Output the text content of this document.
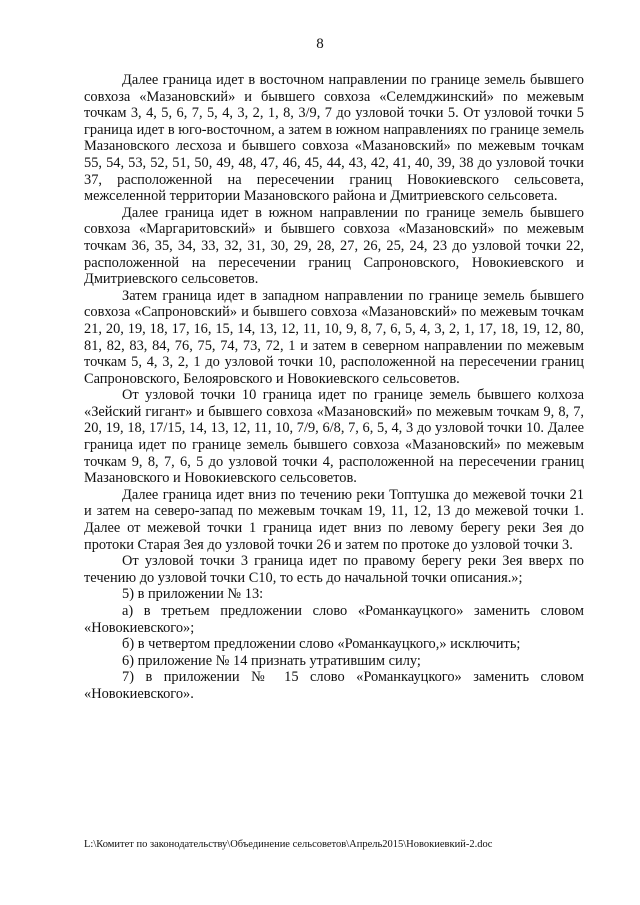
8

Далее граница идет в восточном направлении по границе земель бывшего совхоза «Мазановский» и бывшего совхоза «Селемджинский» по межевым точкам 3, 4, 5, 6, 7, 5, 4, 3, 2, 1, 8, 3/9, 7 до узловой точки 5. От узловой точки 5 граница идет в юго-восточном, а затем в южном направлениях по границе земель Мазановского лесхоза и бывшего совхоза «Мазановский» по межевым точкам 55, 54, 53, 52, 51, 50, 49, 48, 47, 46, 45, 44, 43, 42, 41, 40, 39, 38 до узловой точки 37, расположенной на пересечении границ Новокиевского сельсовета, межселенной территории Мазановского района и Дмитриевского сельсовета.

Далее граница идет в южном направлении по границе земель бывшего совхоза «Маргаритовский» и бывшего совхоза «Мазановский» по межевым точкам 36, 35, 34, 33, 32, 31, 30, 29, 28, 27, 26, 25, 24, 23 до узловой точки 22, расположенной на пересечении границ Сапроновского, Новокиевского и Дмитриевского сельсоветов.

Затем граница идет в западном направлении по границе земель бывшего совхоза «Сапроновский» и бывшего совхоза «Мазановский» по межевым точкам 21, 20, 19, 18, 17, 16, 15, 14, 13, 12, 11, 10, 9, 8, 7, 6, 5, 4, 3, 2, 1, 17, 18, 19, 12, 80, 81, 82, 83, 84, 76, 75, 74, 73, 72, 1 и затем в северном направлении по межевым точкам 5, 4, 3, 2, 1 до узловой точки 10, расположенной на пересечении границ Сапроновского, Белояровского и Новокиевского сельсоветов.

От узловой точки 10 граница идет по границе земель бывшего колхоза «Зейский гигант» и бывшего совхоза «Мазановский» по межевым точкам 9, 8, 7, 20, 19, 18, 17/15, 14, 13, 12, 11, 10, 7/9, 6/8, 7, 6, 5, 4, 3 до узловой точки 10. Далее граница идет по границе земель бывшего совхоза «Мазановский» по межевым точкам 9, 8, 7, 6, 5 до узловой точки 4, расположенной на пересечении границ Мазановского и Новокиевского сельсоветов.

Далее граница идет вниз по течению реки Топтушка до межевой точки 21 и затем на северо-запад по межевым точкам 19, 11, 12, 13 до межевой точки 1. Далее от межевой точки 1 граница идет вниз по левому берегу реки Зея до протоки Старая Зея до узловой точки 26 и затем по протоке до узловой точки 3.

От узловой точки 3 граница идет по правому берегу реки Зея вверх по течению до узловой точки С10, то есть до начальной точки описания.»;

5) в приложении № 13:

а) в третьем предложении слово «Романкауцкого» заменить словом «Новокиевского»;

б) в четвертом предложении слово «Романкауцкого,» исключить;

6) приложение № 14 признать утратившим силу;

7) в приложении № 15 слово «Романкауцкого» заменить словом «Новокиевского».

L:\Комитет по законодательству\Объединение сельсоветов\Апрель2015\Новокиевкий-2.doc
